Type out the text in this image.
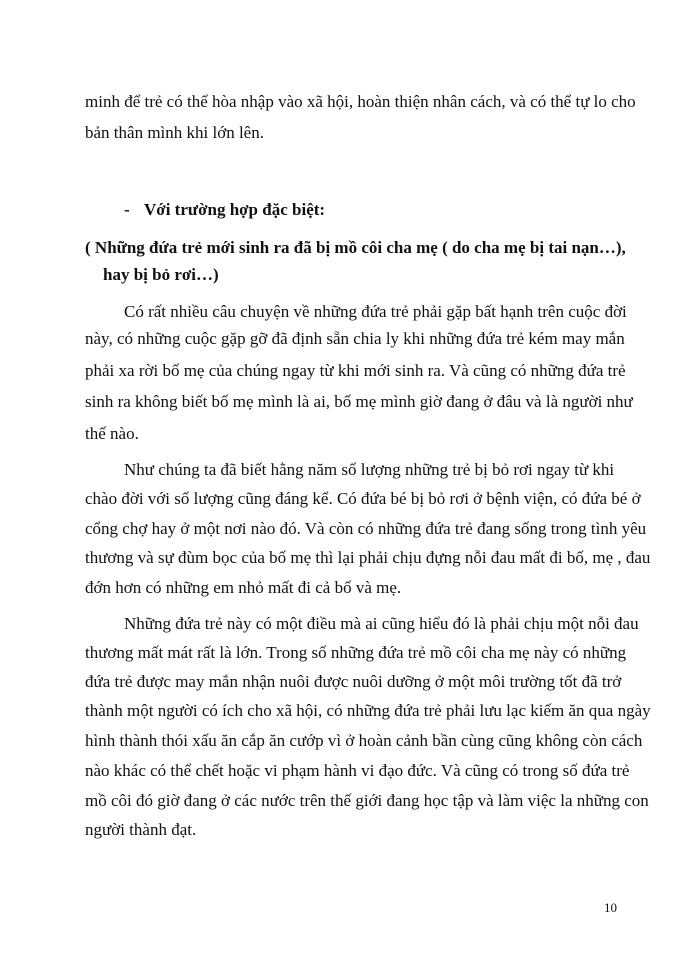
minh để trẻ có thể hòa nhập vào xã hội, hoàn thiện nhân cách, và có thể tự lo cho
bản thân mình khi lớn lên.
- Với trường hợp đặc biệt:
( Những đứa trẻ mới sinh ra đã bị mồ côi cha mẹ ( do cha mẹ bị tai nạn…),
hay bị bỏ rơi…)
Có rất nhiều câu chuyện về những đứa trẻ phải gặp bất hạnh trên cuộc đời
này, có những cuộc gặp gỡ đã định sẵn chia ly khi những đứa trẻ kém may mắn
phải xa rời bố mẹ của chúng ngay từ khi mới sinh ra. Và cũng có những đứa trẻ
sinh ra không biết bố mẹ mình là ai, bố mẹ mình giờ đang ở đâu và là người như
thế nào.
Như chúng ta đã biết hằng năm số lượng những trẻ bị bỏ rơi ngay từ khi
chào đời với số lượng cũng đáng kể. Có đứa bé bị bỏ rơi ở bệnh viện, có đứa bé ở
cổng chợ hay ở một nơi nào đó. Và còn có những đứa trẻ đang sống trong tình yêu
thương và sự đùm bọc của bố mẹ thì lại phải chịu đựng nỗi đau mất đi bố, mẹ , đau
đớn hơn có những em nhỏ mất đi cả bố và mẹ.
Những đứa trẻ này có một điều mà ai cũng hiểu đó là phải chịu một nỗi đau
thương mất mát rất là lớn. Trong số những đứa trẻ mồ côi cha mẹ này có những
đứa trẻ được may mắn nhận nuôi được nuôi dưỡng ở một môi trường tốt đã trở
thành một người có ích cho xã hội, có những đứa trẻ phải lưu lạc kiếm ăn qua ngày
hình thành thói xấu ăn cắp ăn cướp vì ở hoàn cảnh bần cùng cũng không còn cách
nào khác có thể chết hoặc vi phạm hành vi đạo đức. Và cũng có trong số đứa trẻ
mồ côi đó giờ đang ở các nước trên thế giới đang học tập và làm việc la những con
người thành đạt.
10
